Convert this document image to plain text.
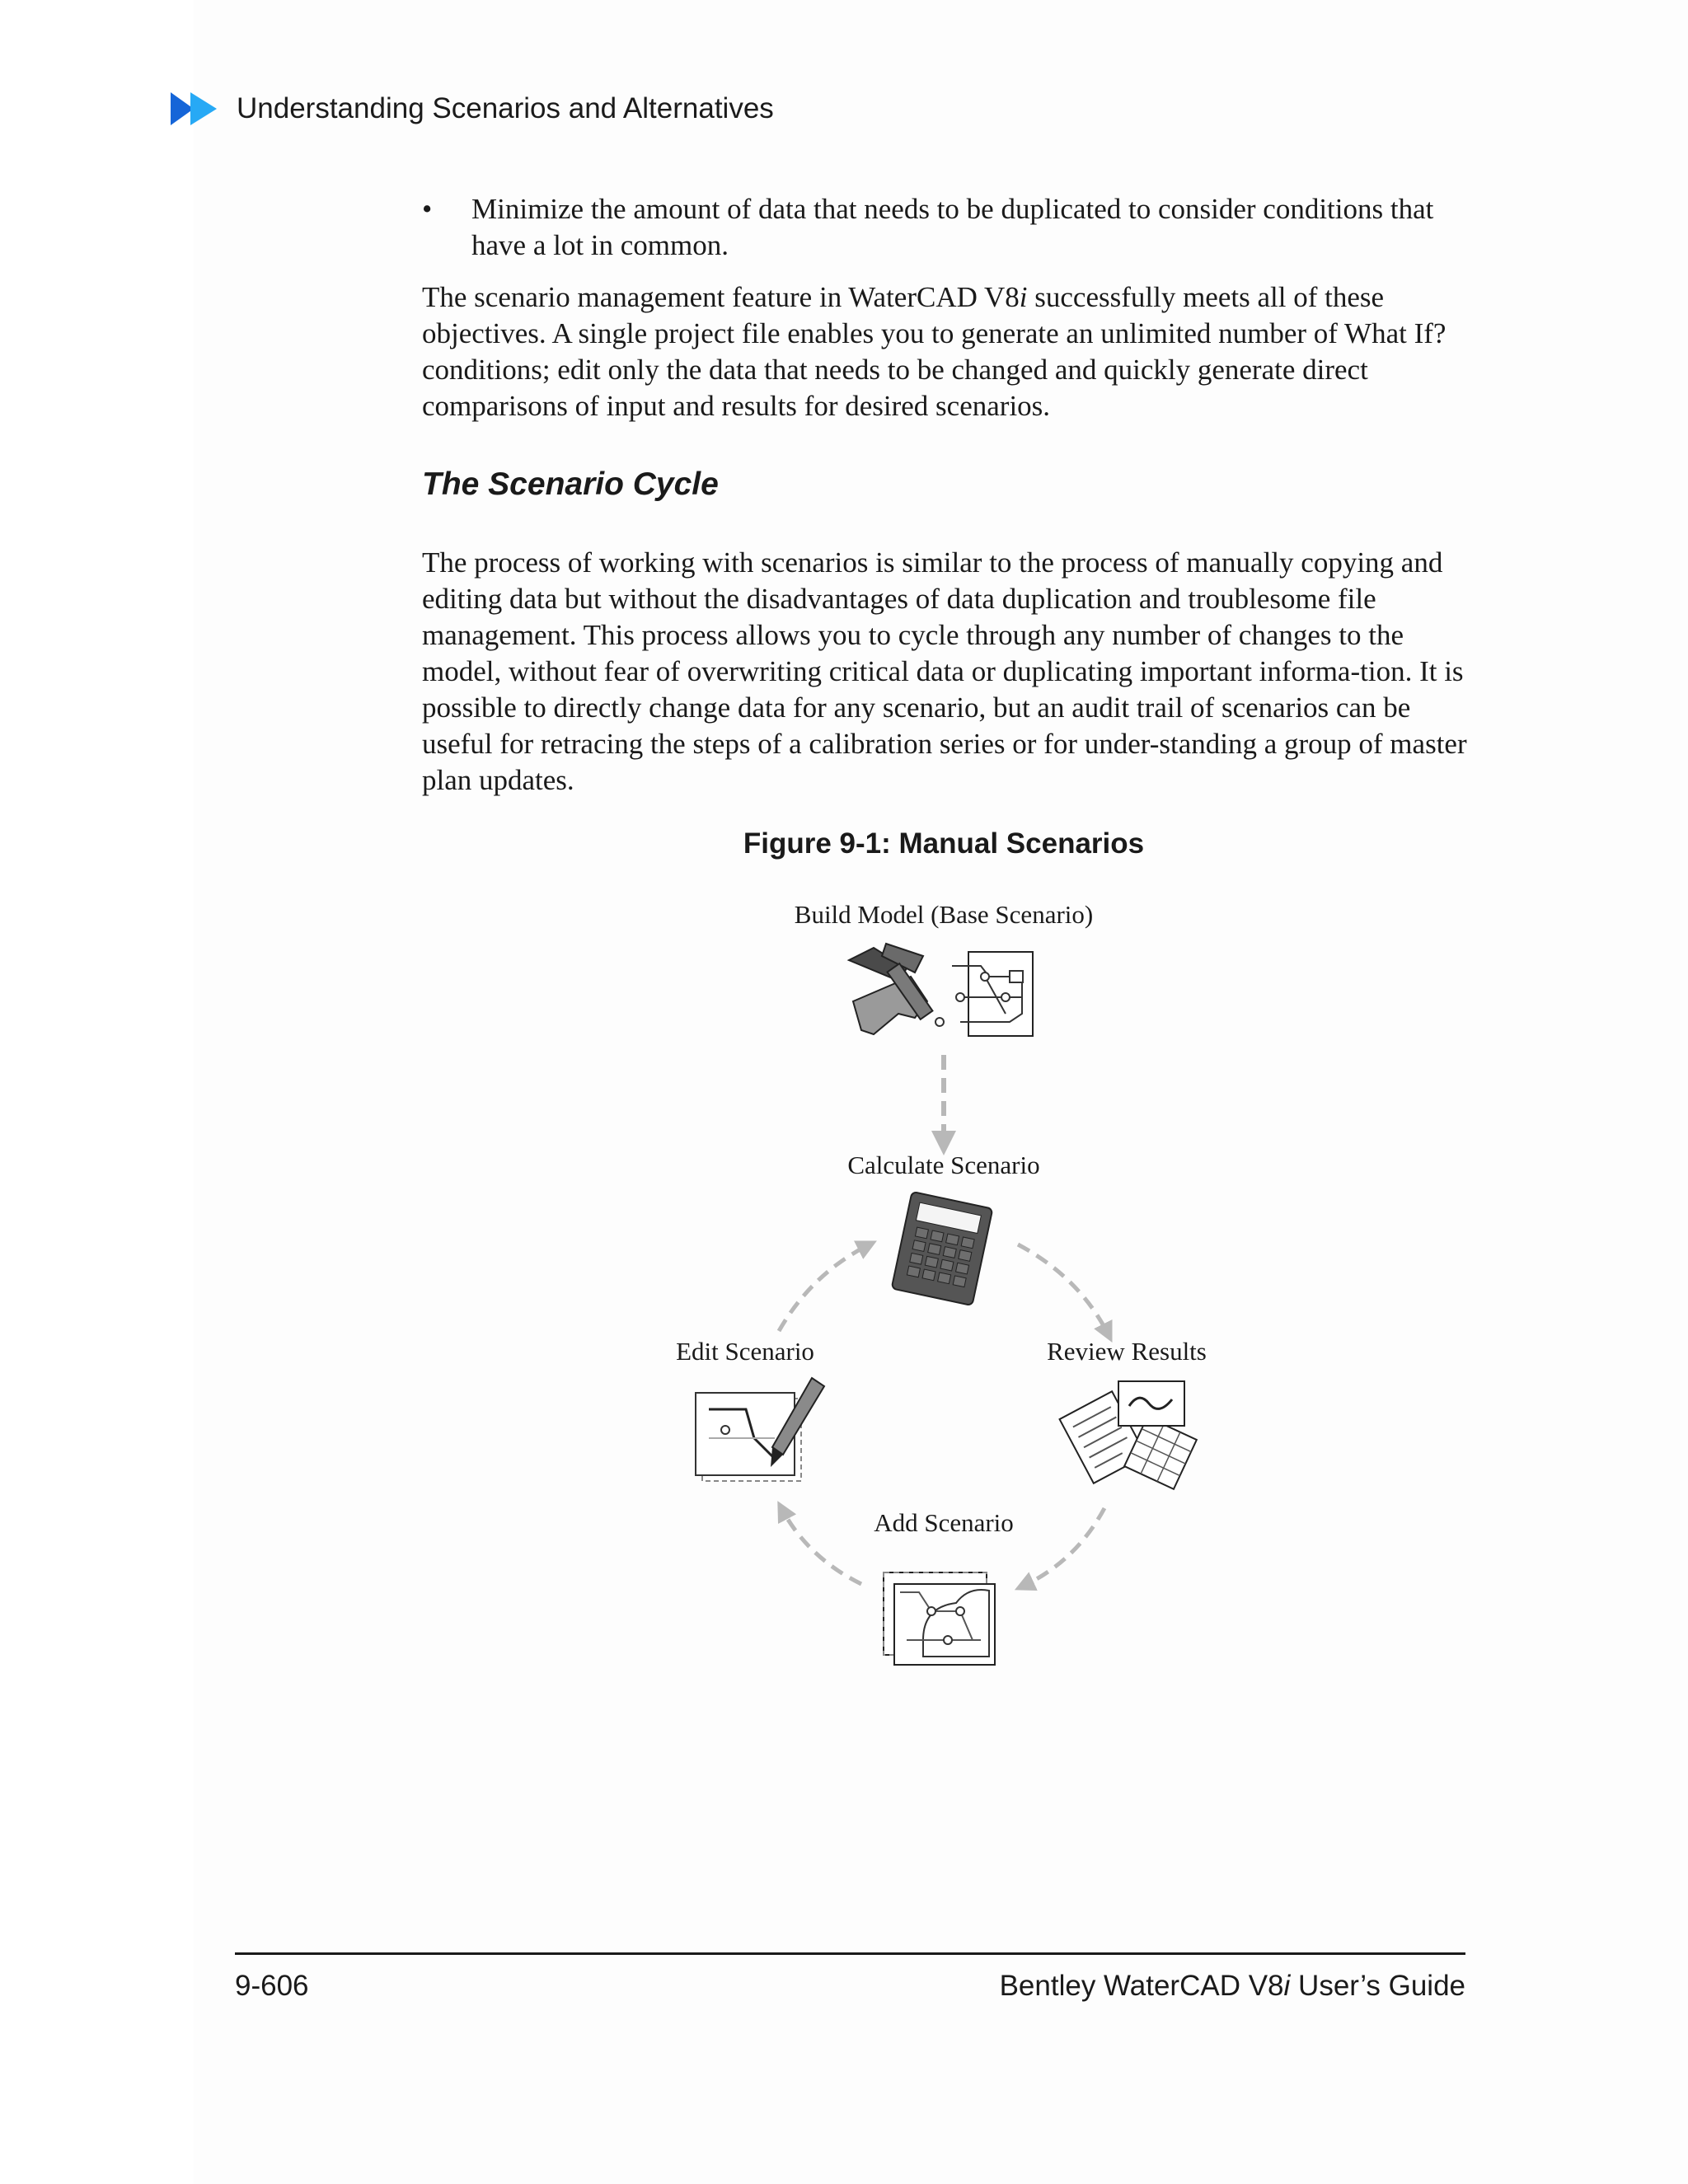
Understanding Scenarios and Alternatives
•	Minimize the amount of data that needs to be duplicated to consider conditions that have a lot in common.

The scenario management feature in WaterCAD V8i successfully meets all of these objectives. A single project file enables you to generate an unlimited number of What If? conditions; edit only the data that needs to be changed and quickly generate direct comparisons of input and results for desired scenarios.

The Scenario Cycle

The process of working with scenarios is similar to the process of manually copying and editing data but without the disadvantages of data duplication and troublesome file management. This process allows you to cycle through any number of changes to the model, without fear of overwriting critical data or duplicating important informa-tion. It is possible to directly change data for any scenario, but an audit trail of scenarios can be useful for retracing the steps of a calibration series or for under-standing a group of master plan updates.

Figure 9-1: Manual Scenarios
Build Model (Base Scenario)
Calculate Scenario
Edit Scenario	Review Results
Add Scenario
9-606	Bentley WaterCAD V8i User’s Guide
